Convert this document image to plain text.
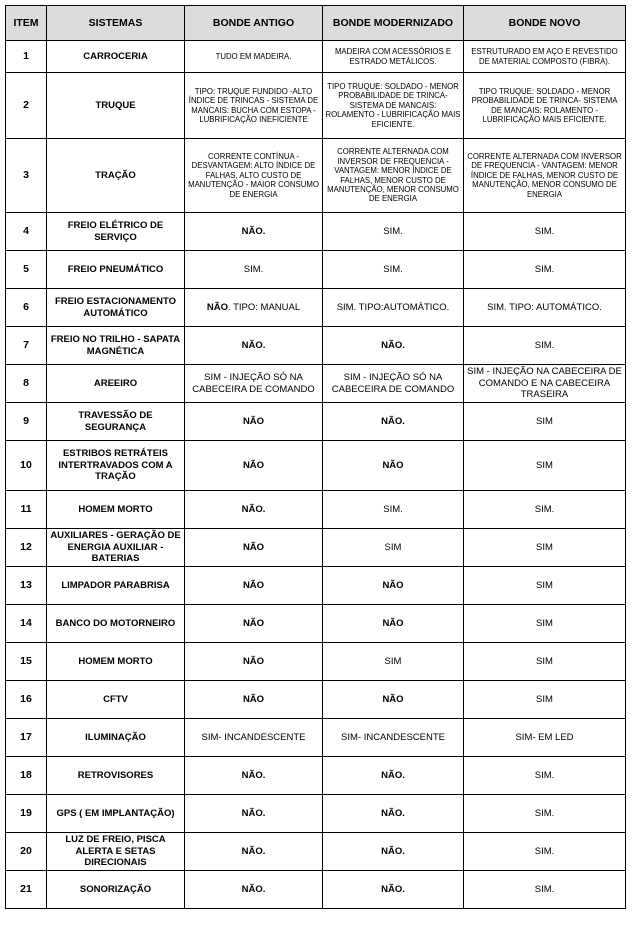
ITEM	SISTEMAS	BONDE ANTIGO	BONDE MODERNIZADO	BONDE NOVO
1	CARROCERIA	TUDO EM MADEIRA.	MADEIRA COM ACESSÓRIOS E ESTRADO METÁLICOS.	ESTRUTURADO EM AÇO E REVESTIDO DE MATERIAL COMPOSTO (FIBRA).
2	TRUQUE	TIPO: TRUQUE FUNDIDO -ALTO ÍNDICE DE TRINCAS - SISTEMA DE MANCAIS: BUCHA COM ESTOPA - LUBRIFICAÇÃO INEFICIENTE	TIPO TRUQUE: SOLDADO - MENOR PROBABILIDADE DE TRINCA- SISTEMA DE MANCAIS: ROLAMENTO - LUBRIFICAÇÃO MAIS EFICIENTE.	TIPO TRUQUE: SOLDADO - MENOR PROBABILIDADE DE TRINCA- SISTEMA DE MANCAIS: ROLAMENTO - LUBRIFICAÇÃO MAIS EFICIENTE.
3	TRAÇÃO	CORRENTE CONTÍNUA - DESVANTAGEM: ALTO ÍNDICE DE FALHAS, ALTO CUSTO DE MANUTENÇÃO - MAIOR CONSUMO DE ENERGIA	CORRENTE ALTERNADA COM INVERSOR DE FREQUENCIA - VANTAGEM: MENOR ÍNDICE DE FALHAS, MENOR CUSTO DE MANUTENÇÃO, MENOR CONSUMO DE ENERGIA	CORRENTE ALTERNADA COM INVERSOR DE FREQUENCIA - VANTAGEM: MENOR ÍNDICE DE FALHAS, MENOR CUSTO DE MANUTENÇÃO, MENOR CONSUMO DE ENERGIA
4	FREIO ELÉTRICO DE SERVIÇO	NÃO.	SIM.	SIM.
5	FREIO PNEUMÁTICO	SIM.	SIM.	SIM.
6	FREIO ESTACIONAMENTO AUTOMÁTICO	NÃO. TIPO: MANUAL	SIM. TIPO:AUTOMÁTICO.	SIM. TIPO: AUTOMÁTICO.
7	FREIO NO TRILHO - SAPATA MAGNÉTICA	NÃO.	NÃO.	SIM.
8	AREEIRO	SIM - INJEÇÃO SÓ NA CABECEIRA DE COMANDO	SIM - INJEÇÃO SÓ NA CABECEIRA DE COMANDO	SIM - INJEÇÃO NA CABECEIRA DE COMANDO E NA CABECEIRA TRASEIRA
9	TRAVESSÃO DE SEGURANÇA	NÃO	NÃO.	SIM
10	ESTRIBOS RETRÁTEIS INTERTRAVADOS COM A TRAÇÃO	NÃO	NÃO	SIM
11	HOMEM MORTO	NÃO.	SIM.	SIM.
12	AUXILIARES - GERAÇÃO DE ENERGIA AUXILIAR - BATERIAS	NÃO	SIM	SIM
13	LIMPADOR PARABRISA	NÃO	NÃO	SIM
14	BANCO DO MOTORNEIRO	NÃO	NÃO	SIM
15	HOMEM MORTO	NÃO	SIM	SIM
16	CFTV	NÃO	NÃO	SIM
17	ILUMINAÇÃO	SIM- INCANDESCENTE	SIM- INCANDESCENTE	SIM- EM LED
18	RETROVISORES	NÃO.	NÃO.	SIM.
19	GPS ( EM IMPLANTAÇÃO)	NÃO.	NÃO.	SIM.
20	LUZ DE FREIO, PISCA ALERTA E SETAS DIRECIONAIS	NÃO.	NÃO.	SIM.
21	SONORIZAÇÃO	NÃO.	NÃO.	SIM.
